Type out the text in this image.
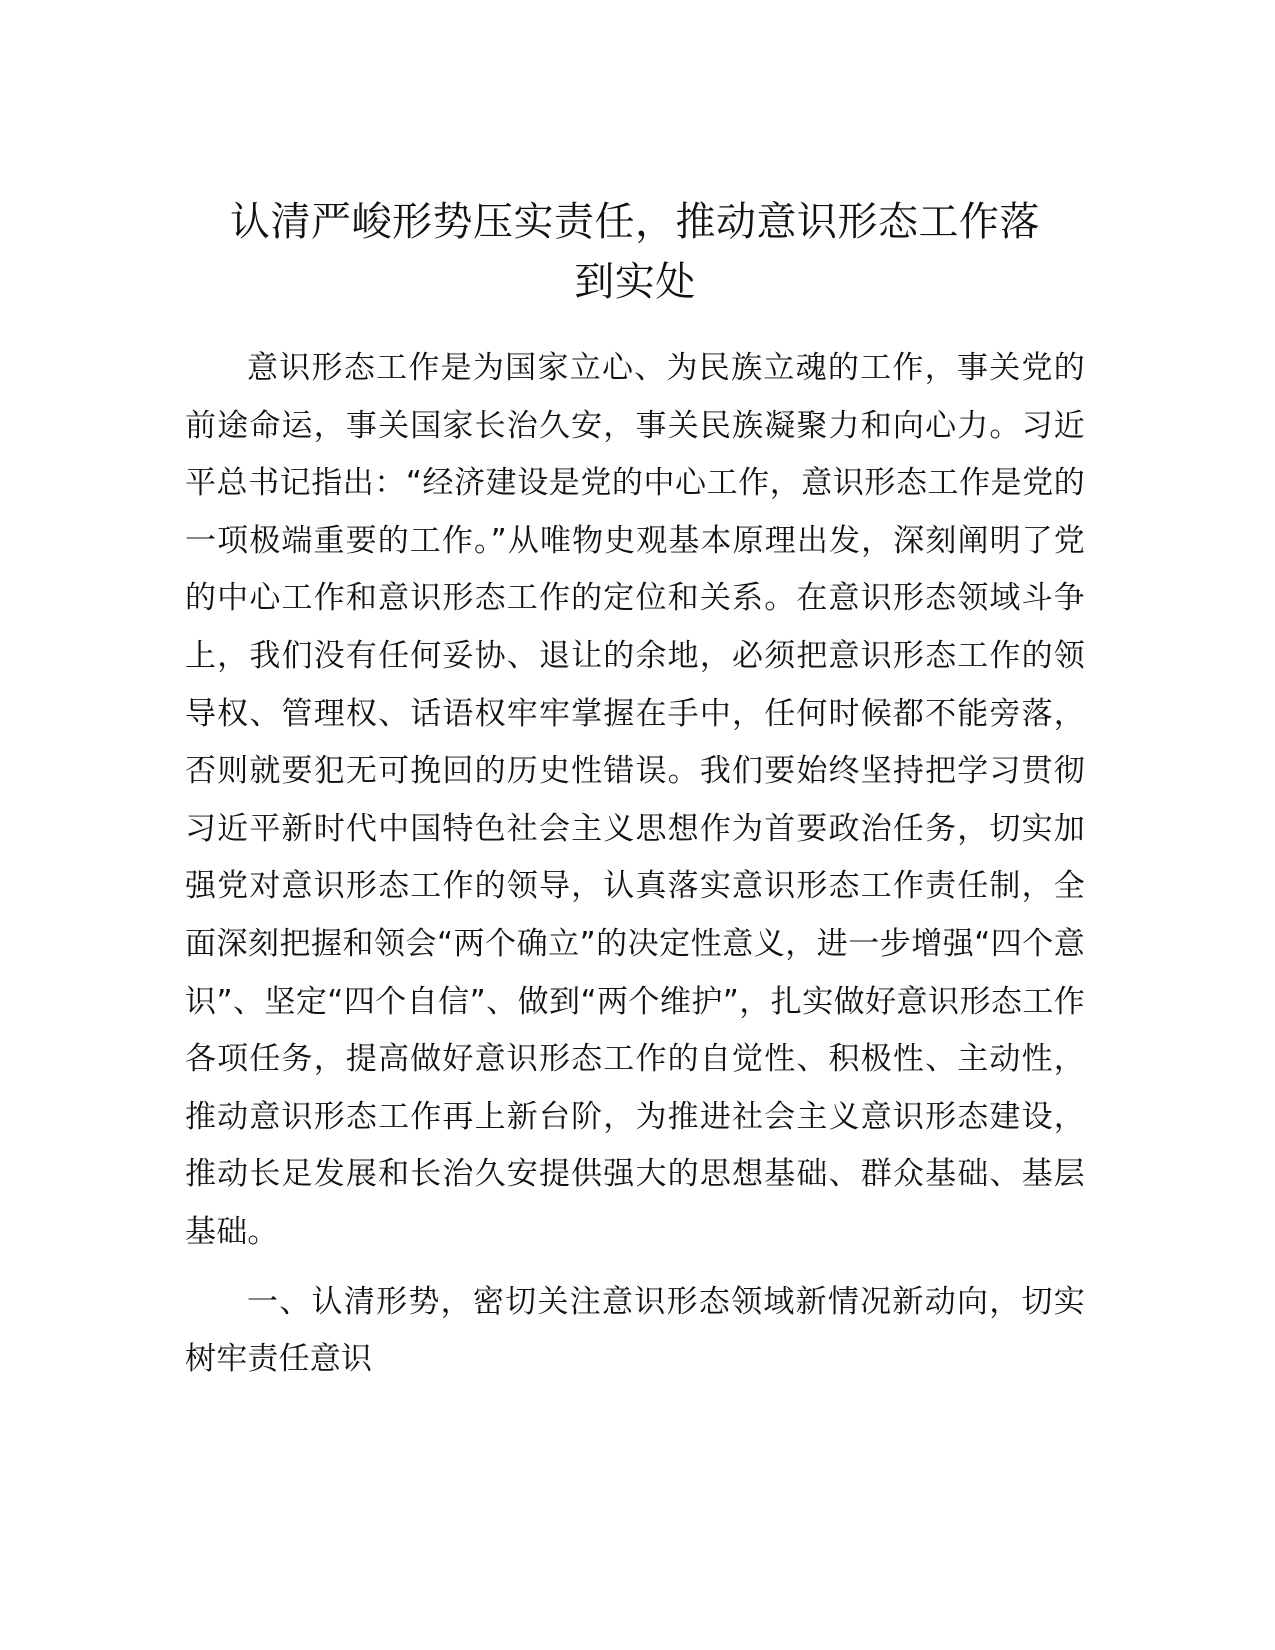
认清严峻形势压实责任，推动意识形态工作落
到实处

意识形态工作是为国家立心、为民族立魂的工作，事关党的前途命运，事关国家长治久安，事关民族凝聚力和向心力。习近平总书记指出：“经济建设是党的中心工作，意识形态工作是党的一项极端重要的工作。”从唯物史观基本原理出发，深刻阐明了党的中心工作和意识形态工作的定位和关系。在意识形态领域斗争上，我们没有任何妥协、退让的余地，必须把意识形态工作的领导权、管理权、话语权牢牢掌握在手中，任何时候都不能旁落，否则就要犯无可挽回的历史性错误。我们要始终坚持把学习贯彻习近平新时代中国特色社会主义思想作为首要政治任务，切实加强党对意识形态工作的领导，认真落实意识形态工作责任制，全面深刻把握和领会“两个确立”的决定性意义，进一步增强“四个意识”、坚定“四个自信”、做到“两个维护”，扎实做好意识形态工作各项任务，提高做好意识形态工作的自觉性、积极性、主动性，推动意识形态工作再上新台阶，为推进社会主义意识形态建设，推动长足发展和长治久安提供强大的思想基础、群众基础、基层基础。

一、认清形势，密切关注意识形态领域新情况新动向，切实树牢责任意识
